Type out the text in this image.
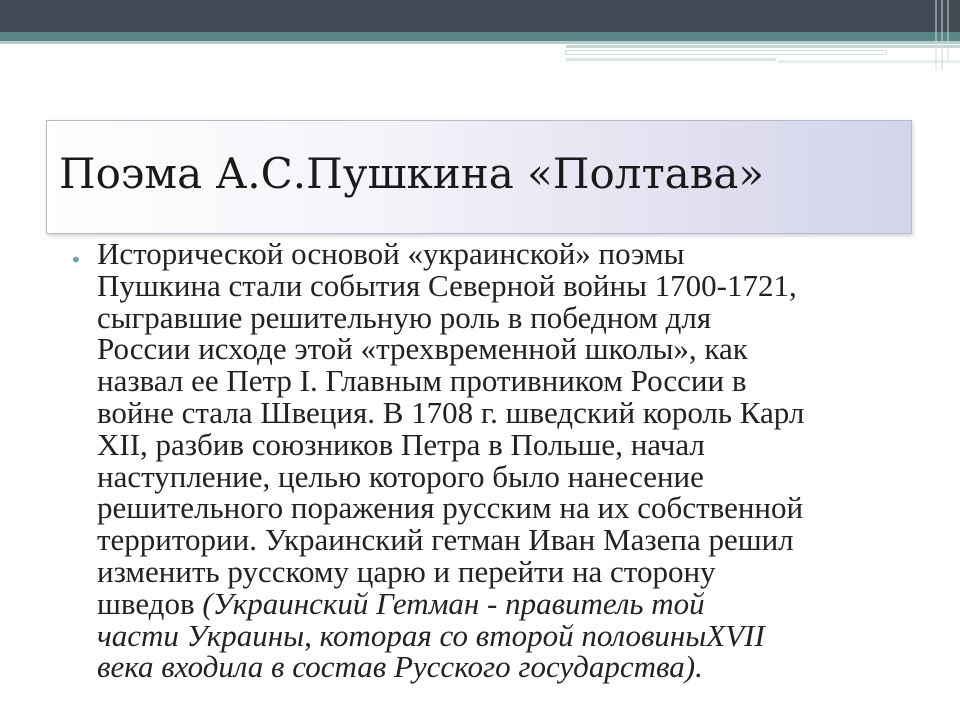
Поэма А.С.Пушкина «Полтава»
• Исторической основой «украинской» поэмы
Пушкина стали события Северной войны 1700-1721,
сыгравшие решительную роль в победном для
России исходе этой «трехвременной школы», как
назвал ее Петр I. Главным противником России в
войне стала Швеция. В 1708 г. шведский король Карл
XII, разбив союзников Петра в Польше, начал
наступление, целью которого было нанесение
решительного поражения русским на их собственной
территории. Украинский гетман Иван Мазепа решил
изменить русскому царю и перейти на сторону
шведов (Украинский Гетман - правитель той
части Украины, которая со второй половиныXVII
века входила в состав Русского государства).
